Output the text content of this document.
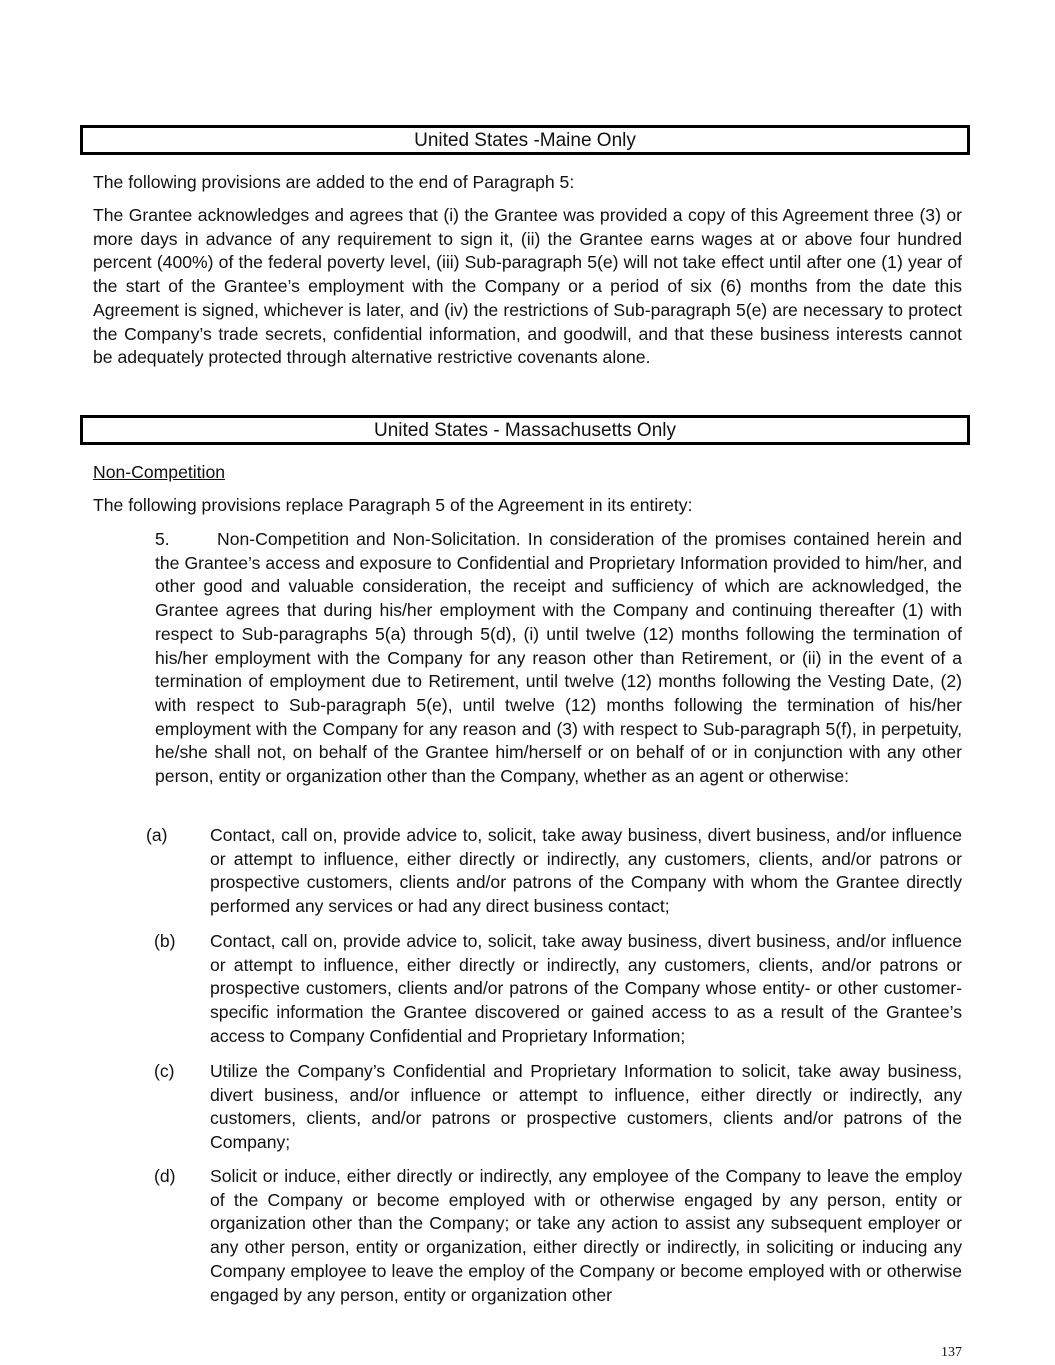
United States -Maine Only

The following provisions are added to the end of Paragraph 5:

The Grantee acknowledges and agrees that (i) the Grantee was provided a copy of this Agreement three (3) or more days in advance of any requirement to sign it, (ii) the Grantee earns wages at or above four hundred percent (400%) of the federal poverty level, (iii) Sub-paragraph 5(e) will not take effect until after one (1) year of the start of the Grantee’s employment with the Company or a period of six (6) months from the date this Agreement is signed, whichever is later, and (iv) the restrictions of Sub-paragraph 5(e) are necessary to protect the Company’s trade secrets, confidential information, and goodwill, and that these business interests cannot be adequately protected through alternative restrictive covenants alone.

United States - Massachusetts Only

Non-Competition

The following provisions replace Paragraph 5 of the Agreement in its entirety:

5.	Non-Competition and Non-Solicitation. In consideration of the promises contained herein and the Grantee’s access and exposure to Confidential and Proprietary Information provided to him/her, and other good and valuable consideration, the receipt and sufficiency of which are acknowledged, the Grantee agrees that during his/her employment with the Company and continuing thereafter (1) with respect to Sub-paragraphs 5(a) through 5(d), (i) until twelve (12) months following the termination of his/her employment with the Company for any reason other than Retirement, or (ii) in the event of a termination of employment due to Retirement, until twelve (12) months following the Vesting Date, (2) with respect to Sub-paragraph 5(e), until twelve (12) months following the termination of his/her employment with the Company for any reason and (3) with respect to Sub-paragraph 5(f), in perpetuity, he/she shall not, on behalf of the Grantee him/herself or on behalf of or in conjunction with any other person, entity or organization other than the Company, whether as an agent or otherwise:

(a)	Contact, call on, provide advice to, solicit, take away business, divert business, and/or influence or attempt to influence, either directly or indirectly, any customers, clients, and/or patrons or prospective customers, clients and/or patrons of the Company with whom the Grantee directly performed any services or had any direct business contact;

(b)	Contact, call on, provide advice to, solicit, take away business, divert business, and/or influence or attempt to influence, either directly or indirectly, any customers, clients, and/or patrons or prospective customers, clients and/or patrons of the Company whose entity- or other customer-specific information the Grantee discovered or gained access to as a result of the Grantee’s access to Company Confidential and Proprietary Information;

(c)	Utilize the Company’s Confidential and Proprietary Information to solicit, take away business, divert business, and/or influence or attempt to influence, either directly or indirectly, any customers, clients, and/or patrons or prospective customers, clients and/or patrons of the Company;

(d)	Solicit or induce, either directly or indirectly, any employee of the Company to leave the employ of the Company or become employed with or otherwise engaged by any person, entity or organization other than the Company; or take any action to assist any subsequent employer or any other person, entity or organization, either directly or indirectly, in soliciting or inducing any Company employee to leave the employ of the Company or become employed with or otherwise engaged by any person, entity or organization other

137
